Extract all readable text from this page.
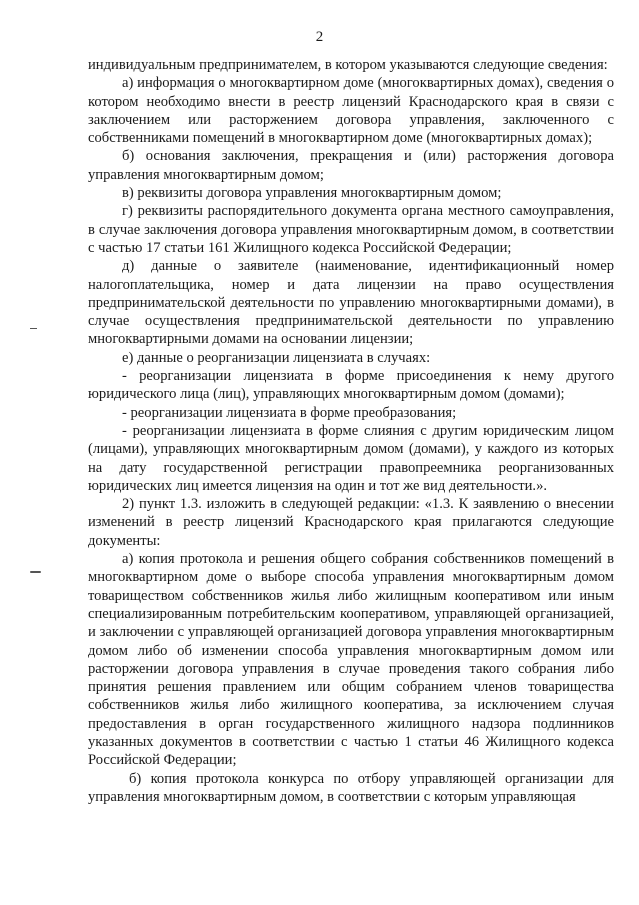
2

индивидуальным предпринимателем, в котором указываются следующие сведения:

а) информация о многоквартирном доме (многоквартирных домах), сведения о котором необходимо внести в реестр лицензий Краснодарского края в связи с заключением или расторжением договора управления, заключенного с собственниками помещений в многоквартирном доме (многоквартирных домах);

б) основания заключения, прекращения и (или) расторжения договора управления многоквартирным домом;

в) реквизиты договора управления многоквартирным домом;

г) реквизиты распорядительного документа органа местного самоуправления, в случае заключения договора управления многоквартирным домом, в соответствии с частью 17 статьи 161 Жилищного кодекса Российской Федерации;

д) данные о заявителе (наименование, идентификационный номер налогоплательщика, номер и дата лицензии на право осуществления предпринимательской деятельности по управлению многоквартирными домами), в случае осуществления предпринимательской деятельности по управлению многоквартирными домами на основании лицензии;

е) данные о реорганизации лицензиата в случаях:

- реорганизации лицензиата в форме присоединения к нему другого юридического лица (лиц), управляющих многоквартирным домом (домами);

- реорганизации лицензиата в форме преобразования;

- реорганизации лицензиата в форме слияния с другим юридическим лицом (лицами), управляющих многоквартирным домом (домами), у каждого из которых на дату государственной регистрации правопреемника реорганизованных юридических лиц имеется лицензия на один и тот же вид деятельности.».

2) пункт 1.3. изложить в следующей редакции: «1.3. К заявлению о внесении изменений в реестр лицензий Краснодарского края прилагаются следующие документы:

а) копия протокола и решения общего собрания собственников помещений в многоквартирном доме о выборе способа управления многоквартирным домом товариществом собственников жилья либо жилищным кооперативом или иным специализированным потребительским кооперативом, управляющей организацией, и заключении с управляющей организацией договора управления многоквартирным домом либо об изменении способа управления многоквартирным домом или расторжении договора управления в случае проведения такого собрания либо принятия решения правлением или общим собранием членов товарищества собственников жилья либо жилищного кооператива, за исключением случая предоставления в орган государственного жилищного надзора подлинников указанных документов в соответствии с частью 1 статьи 46 Жилищного кодекса Российской Федерации;

б) копия протокола конкурса по отбору управляющей организации для управления многоквартирным домом, в соответствии с которым управляющая
